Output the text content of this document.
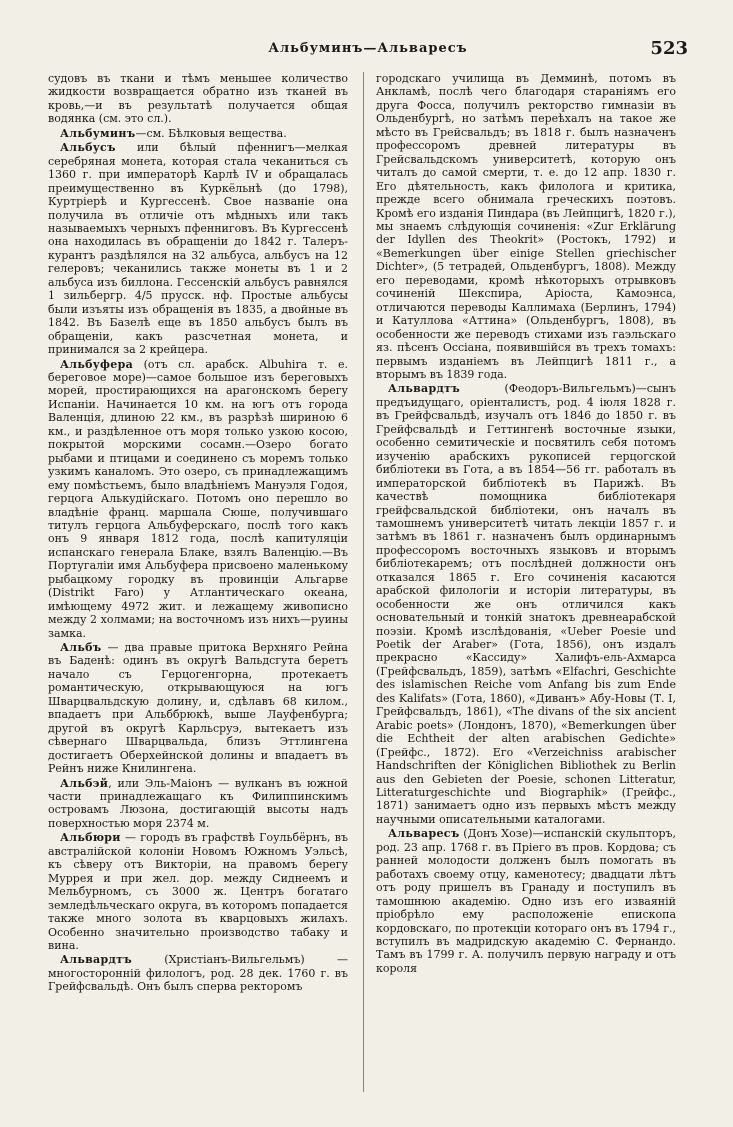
Альбуминъ—Альваресъ	523

судовъ въ ткани и тѣмъ меньшее количество жидкости возвращается обратно изъ тканей въ кровь,—и въ результатѣ получается общая водянка (см. это сл.).

Альбуминъ—см. Бѣлковыя вещества.

Альбусъ или бѣлый пфеннигъ—мелкая серебряная монета, которая стала чеканиться съ 1360 г. при императорѣ Карлѣ IV и обращалась преимущественно въ Куркёльнѣ (до 1798), Куртріерѣ и Кургессенѣ. Свое названіе она получила въ отличіе отъ мѣдныхъ или такъ называемыхъ черныхъ пфенниговъ. Въ Кургессенѣ она находилась въ обращеніи до 1842 г. Талеръ-курантъ раздѣлялся на 32 альбуса, альбусъ на 12 гелеровъ; чеканились также монеты въ 1 и 2 альбуса изъ биллона. Гессенскій альбусъ равнялся 1 зильбергр. 4/5 прусск. нф. Простые альбусы были изъяты изъ обращенія въ 1835, а двойные въ 1842. Въ Базелѣ еще въ 1850 альбусъ былъ въ обращеніи, какъ разсчетная монета, и принимался за 2 крейцера.

Альбуфера (отъ сл. арабск. Albuhira т. е. береговое море)—самое большое изъ береговыхъ морей, простирающихся на арагонскомъ берегу Испаніи. Начинается 10 км. на югъ отъ города Валенція, длиною 22 км., въ разрѣзѣ шириною 6 км., и раздѣленное отъ моря только узкою косою, покрытой морскими сосамн.—Озеро богато рыбами и птицами и соединено съ моремъ только узкимъ каналомъ. Это озеро, съ принадлежащимъ ему помѣстьемъ, было владѣніемъ Мануэля Годоя, герцога Алькудійскаго. Потомъ оно перешло во владѣніе франц. маршала Сюше, получившаго титулъ герцога Альбуферскаго, послѣ того какъ онъ 9 января 1812 года, послѣ капитуляціи испанскаго генерала Блаке, взялъ Валенцію.—Въ Португаліи имя Альбуфера присвоено маленькому рыбацкому городку въ провинціи Альгарве (Distrikt Faro) у Атлантическаго океана, имѣющему 4972 жит. и лежащему живописно между 2 холмами; на восточномъ изъ нихъ—руины замка.

Альбъ — два правые притока Верхняго Рейна въ Баденѣ: одинъ въ округѣ Вальдсгута беретъ начало съ Герцогенгорна, протекаетъ романтическую, открывающуюся на югъ Шварцвальдскую долину, и, сдѣлавъ 68 килом., впадаетъ при Альббрюкѣ, выше Лауфенбурга; другой въ округѣ Карльсруэ, вытекаетъ изъ сѣвернаго Шварцвальда, близъ Эттлингена достигаетъ Оберхейнской долины и впадаетъ въ Рейнъ ниже Книлингена.

Альбэй, или Эль-Маіонъ — вулканъ въ южной части принадлежащаго къ Филиппинскимъ островамъ Люзона, достигающій высоты надъ поверхностью моря 2374 м.

Альбюри — городъ въ графствѣ Гоульбёрнъ, въ австралійской колоніи Новомъ Южномъ Уэльсѣ, къ сѣверу отъ Викторіи, на правомъ берегу Муррея и при жел. дор. между Сиднеемъ и Мельбурномъ, съ 3000 ж. Центръ богатаго земледѣльческаго округа, въ которомъ попадается также много золота въ кварцовыхъ жилахъ. Особенно значительно производство табаку и вина.

Альвардтъ (Христіанъ-Вильгельмъ) —многосторонній филологъ, род. 28 дек. 1760 г. въ Грейфсвальдѣ. Онъ былъ сперва ректоромъ

городскаго училища въ Демминѣ, потомъ въ Анкламѣ, послѣ чего благодаря стараніямъ его друга Фосса, получилъ ректорство гимназіи въ Ольденбургѣ, но затѣмъ переѣхалъ на такое же мѣсто въ Грейсвальдъ; въ 1818 г. былъ назначенъ профессоромъ древней литературы въ Грейсвальдскомъ университетѣ, которую онъ читалъ до самой смерти, т. е. до 12 апр. 1830 г. Его дѣятельность, какъ филолога и критика, прежде всего обнимала греческихъ поэтовъ. Кромѣ его изданія Пиндара (въ Лейпцигѣ, 1820 г.), мы знаемъ слѣдующія сочиненія: «Zur Erklärung der Idyllen des Theokrit» (Ростокъ, 1792) и «Bemerkungen über einige Stellen griechischer Dichter», (5 тетрадей, Ольденбургъ, 1808). Между его переводами, кромѣ нѣкоторыхъ отрывковъ сочиненій Шекспира, Аріоста, Камоэнса, отличаются переводы Каллимаха (Берлинъ, 1794) и Катуллова «Аттина» (Ольденбургъ, 1808), въ особенности же переводъ стихами изъ гаэльскаго яз. пѣсенъ Оссіана, появившійся въ трехъ томахъ: первымъ изданіемъ въ Лейпцигѣ 1811 г., а вторымъ въ 1839 года.

Альвардтъ (Феодоръ-Вильгельмъ)—сынъ предъидущаго, оріенталистъ, род. 4 іюля 1828 г. въ Грейфсвальдѣ, изучалъ отъ 1846 до 1850 г. въ Грейфсвальдѣ и Геттингенѣ восточные языки, особенно семитическіе и посвятилъ себя потомъ изученію арабскихъ рукописей герцогской библіотеки въ Гота, а въ 1854—56 гг. работалъ въ императорской библіотекѣ въ Парижѣ. Въ качествѣ помощника библіотекаря грейфсвальдской библіотеки, онъ началъ въ тамошнемъ университетѣ читать лекціи 1857 г. и затѣмъ въ 1861 г. назначенъ былъ ординарнымъ профессоромъ восточныхъ языковъ и вторымъ библіотекаремъ; отъ послѣдней должности онъ отказался 1865 г. Его сочиненія касаются арабской филологіи и исторіи литературы, въ особенности же онъ отличился какъ основательный и тонкій знатокъ древнеарабской поэзіи. Кромѣ изслѣдованія, «Ueber Poesie und Poetik der Araber» (Гота, 1856), онъ издалъ прекрасно «Кассиду» Халифъ-ель-Ахмарса (Грейфсвальдъ, 1859), затѣмъ «Elfachri, Geschichte des islamischen Reiche vom Anfang bis zum Ende des Kalifats» (Гота, 1860), «Диванъ» Абу-Новы (Т. I, Грейфсвальдъ, 1861), «The divans of the six ancient Arabic poets» (Лондонъ, 1870), «Bemerkungen über die Echtheit der alten arabischen Gedichte» (Грейфс., 1872). Его «Verzeichniss arabischer Handschriften der Königlichen Bibliothek zu Berlin aus den Gebieten der Poesie, schonen Litteratur, Litteraturgeschichte und Biographik» (Грейфс., 1871) занимаетъ одно изъ первыхъ мѣстъ между научными описательными каталогами.

Альваресъ (Донъ Хозе)—испанскій скульпторъ, род. 23 апр. 1768 г. въ Пріего въ пров. Кордова; съ ранней молодости долженъ былъ помогать въ работахъ своему отцу, каменотесу; двадцати лѣтъ отъ роду пришелъ въ Гранаду и поступилъ въ тамошнюю академію. Одно изъ его изваяній пріобрѣло ему расположеніе епископа кордовскаго, по протекціи котораго онъ въ 1794 г., вступилъ въ мадридскую академію С. Фернандо. Тамъ въ 1799 г. А. получилъ первую награду и отъ короля
